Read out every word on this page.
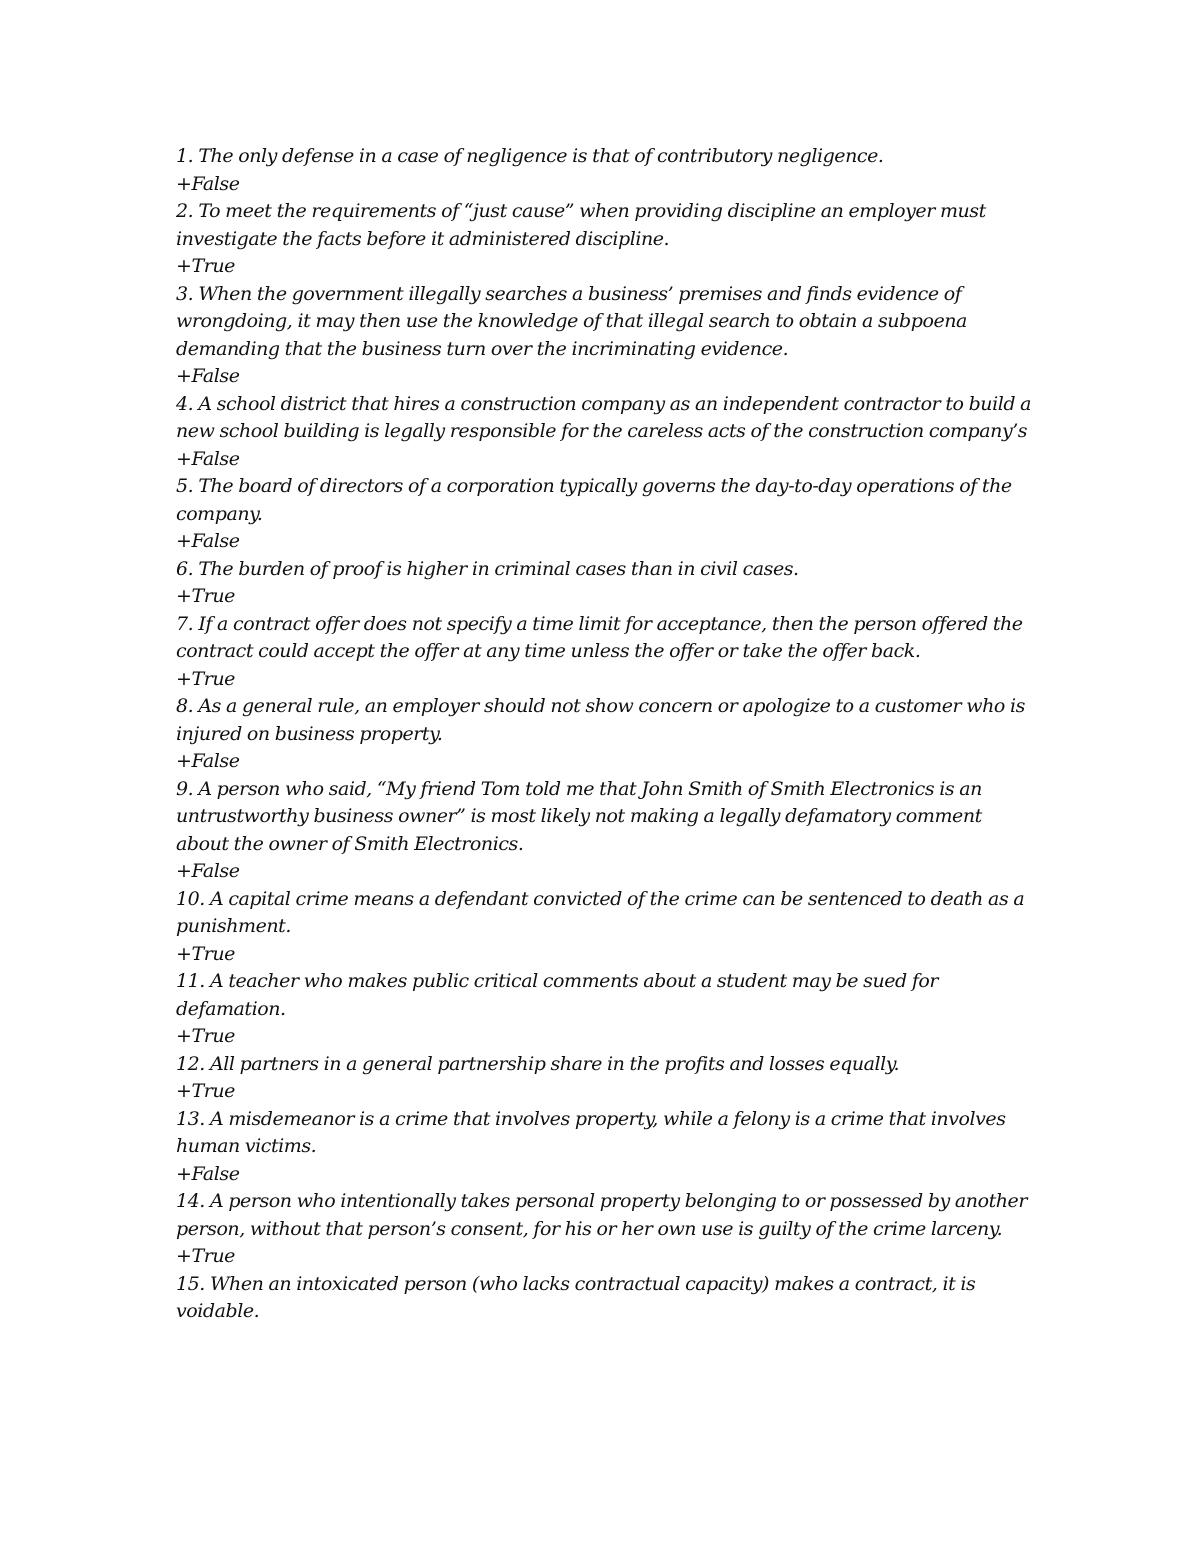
1. The only defense in a case of negligence is that of contributory negligence.
+False
2. To meet the requirements of “just cause” when providing discipline an employer must investigate the facts before it administered discipline.
+True
3. When the government illegally searches a business’ premises and finds evidence of wrongdoing, it may then use the knowledge of that illegal search to obtain a subpoena demanding that the business turn over the incriminating evidence.
+False
4. A school district that hires a construction company as an independent contractor to build a new school building is legally responsible for the careless acts of the construction company’s
+False
5. The board of directors of a corporation typically governs the day-to-day operations of the company.
+False
6. The burden of proof is higher in criminal cases than in civil cases.
+True
7. If a contract offer does not specify a time limit for acceptance, then the person offered the contract could accept the offer at any time unless the offer or take the offer back.
+True
8. As a general rule, an employer should not show concern or apologize to a customer who is injured on business property.
+False
9. A person who said, “My friend Tom told me that John Smith of Smith Electronics is an untrustworthy business owner” is most likely not making a legally defamatory comment about the owner of Smith Electronics.
+False
10. A capital crime means a defendant convicted of the crime can be sentenced to death as a punishment.
+True
11. A teacher who makes public critical comments about a student may be sued for defamation.
+True
12. All partners in a general partnership share in the profits and losses equally.
+True
13. A misdemeanor is a crime that involves property, while a felony is a crime that involves human victims.
+False
14. A person who intentionally takes personal property belonging to or possessed by another person, without that person’s consent, for his or her own use is guilty of the crime larceny.
+True
15. When an intoxicated person (who lacks contractual capacity) makes a contract, it is voidable.
